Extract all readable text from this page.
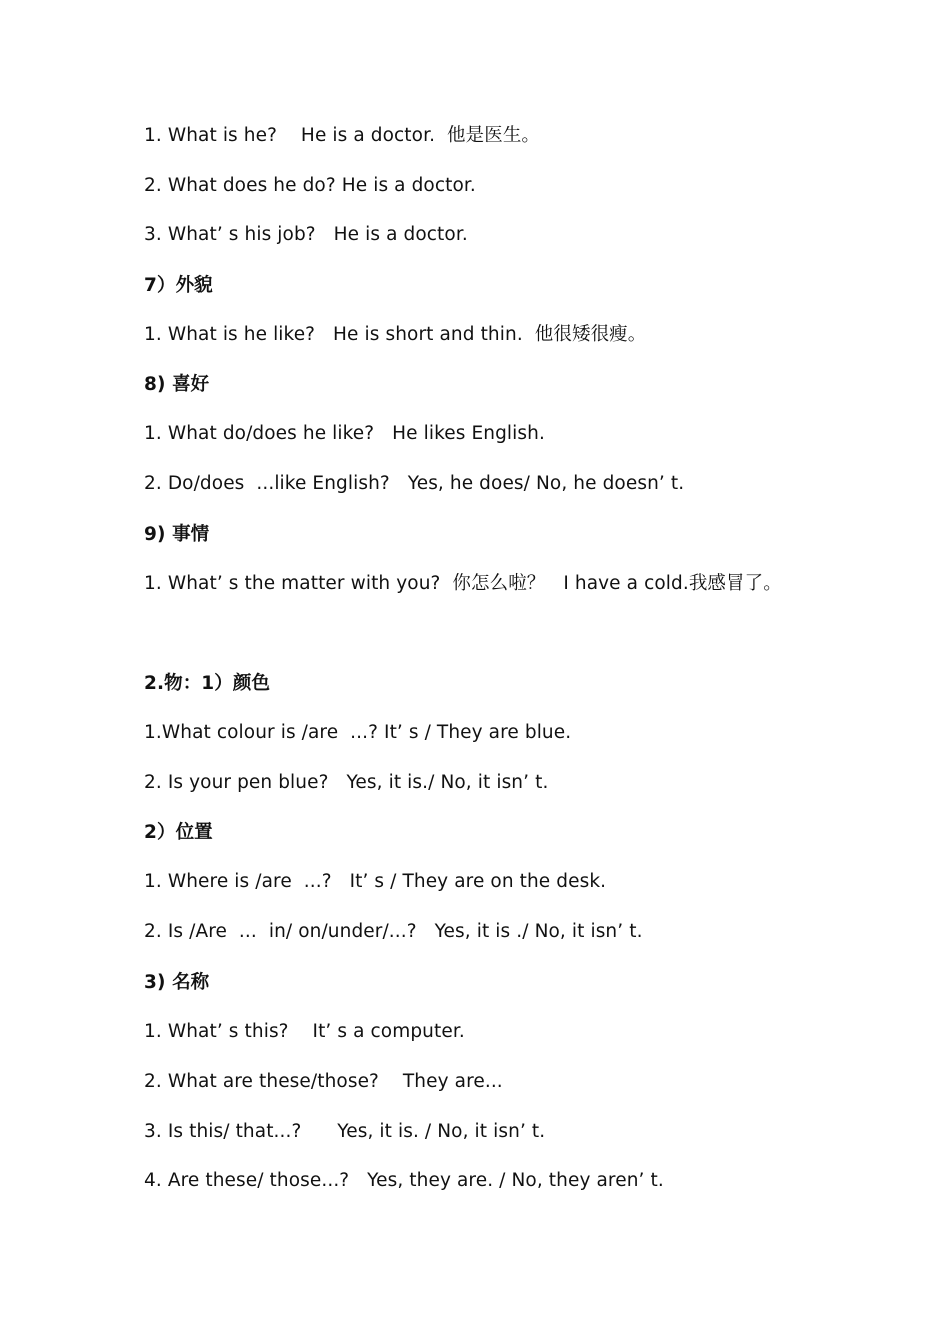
1. What is he?    He is a doctor.  他是医生。
2. What does he do? He is a doctor.
3. What’ s his job?   He is a doctor.
7）外貌
1. What is he like?   He is short and thin.  他很矮很瘦。
8) 喜好
1. What do/does he like?   He likes English.
2. Do/does  ...like English?   Yes, he does/ No, he doesn’ t.
9) 事情
1. What’ s the matter with you?  你怎么啦？   I have a cold.我感冒了。
2.物：1）颜色
1.What colour is /are  ...? It’ s / They are blue.
2. Is your pen blue?   Yes, it is./ No, it isn’ t.
2）位置
1. Where is /are  ...?   It’ s / They are on the desk.
2. Is /Are  ...  in/ on/under/...?   Yes, it is ./ No, it isn’ t.
3) 名称
1. What’ s this?    It’ s a computer.
2. What are these/those?    They are...
3. Is this/ that...?      Yes, it is. / No, it isn’ t.
4. Are these/ those...?   Yes, they are. / No, they aren’ t.
